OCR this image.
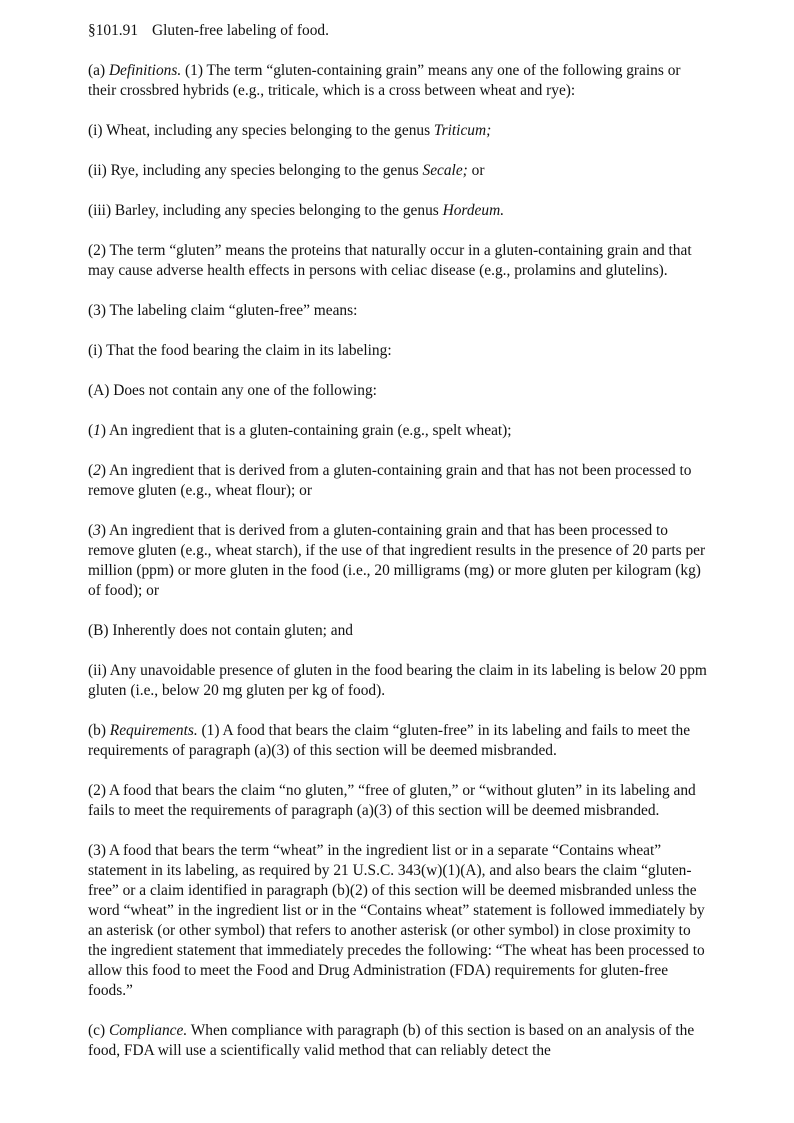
§101.91 Gluten-free labeling of food.

(a) Definitions. (1) The term “gluten-containing grain” means any one of the following grains or their crossbred hybrids (e.g., triticale, which is a cross between wheat and rye):

(i) Wheat, including any species belonging to the genus Triticum;

(ii) Rye, including any species belonging to the genus Secale; or

(iii) Barley, including any species belonging to the genus Hordeum.

(2) The term “gluten” means the proteins that naturally occur in a gluten-containing grain and that may cause adverse health effects in persons with celiac disease (e.g., prolamins and glutelins).

(3) The labeling claim “gluten-free” means:

(i) That the food bearing the claim in its labeling:

(A) Does not contain any one of the following:

(1) An ingredient that is a gluten-containing grain (e.g., spelt wheat);

(2) An ingredient that is derived from a gluten-containing grain and that has not been processed to remove gluten (e.g., wheat flour); or

(3) An ingredient that is derived from a gluten-containing grain and that has been processed to remove gluten (e.g., wheat starch), if the use of that ingredient results in the presence of 20 parts per million (ppm) or more gluten in the food (i.e., 20 milligrams (mg) or more gluten per kilogram (kg) of food); or

(B) Inherently does not contain gluten; and

(ii) Any unavoidable presence of gluten in the food bearing the claim in its labeling is below 20 ppm gluten (i.e., below 20 mg gluten per kg of food).

(b) Requirements. (1) A food that bears the claim “gluten-free” in its labeling and fails to meet the requirements of paragraph (a)(3) of this section will be deemed misbranded.

(2) A food that bears the claim “no gluten,” “free of gluten,” or “without gluten” in its labeling and fails to meet the requirements of paragraph (a)(3) of this section will be deemed misbranded.

(3) A food that bears the term “wheat” in the ingredient list or in a separate “Contains wheat” statement in its labeling, as required by 21 U.S.C. 343(w)(1)(A), and also bears the claim “gluten-free” or a claim identified in paragraph (b)(2) of this section will be deemed misbranded unless the word “wheat” in the ingredient list or in the “Contains wheat” statement is followed immediately by an asterisk (or other symbol) that refers to another asterisk (or other symbol) in close proximity to the ingredient statement that immediately precedes the following: “The wheat has been processed to allow this food to meet the Food and Drug Administration (FDA) requirements for gluten-free foods.”

(c) Compliance. When compliance with paragraph (b) of this section is based on an analysis of the food, FDA will use a scientifically valid method that can reliably detect the
